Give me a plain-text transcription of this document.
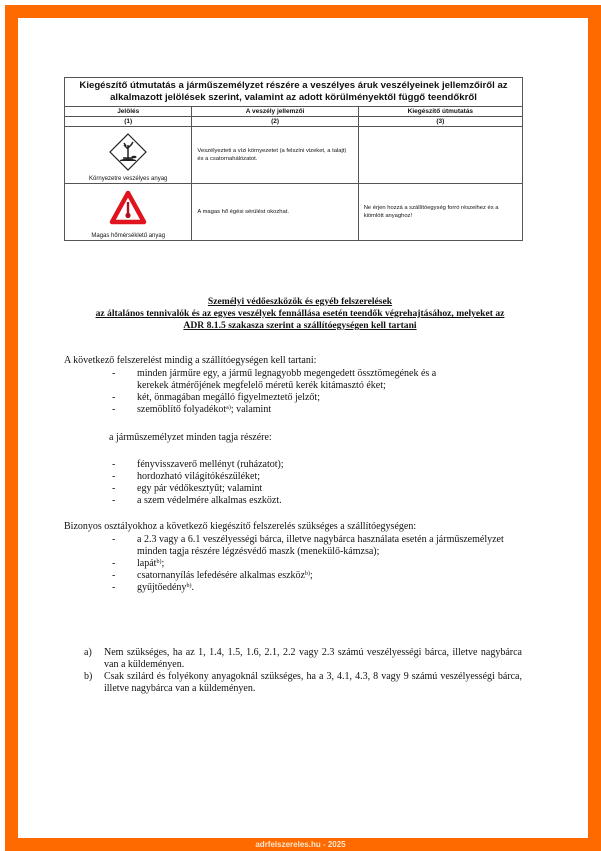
adrfelszereles.hu - 2025
Kiegészítő útmutatás a járműszemélyzet részére a veszélyes áruk veszélyeinek jellemzőiről az alkalmazott jelölések szerint, valamint az adott körülményektől függő teendőkről		
Jelölés	A veszély jellemzői	Kiegészítő útmutatás
(1)	(2)	(3)

Környezetre veszélyes anyag	Veszélyezteti a vízi környezetet (a felszíni vizeket, a talajt) és a csatornahálózatot.	

Magas hőmérsékletű anyag	A magas hő égési sérülést okozhat.	Ne érjen hozzá a szállítóegység forró részeihez és a kiömlött anyaghoz!
Személyi védőeszközök és egyéb felszerelések
az általános tennivalók és az egyes veszélyek fennállása esetén teendők végrehajtásához, melyeket az
ADR 8.1.5 szakasza szerint a szállítóegységen kell tartani
A következő felszerelést mindig a szállítóegységen kell tartani:
- minden járműre egy, a jármű legnagyobb megengedett össztömegének és a
kerekek átmérőjének megfelelő méretű kerék kitámasztó éket;
- két, önmagában megálló figyelmeztető jelzőt;
- szemöblítő folyadékot$^{a)}$; valamint
a járműszemélyzet minden tagja részére:
- fényvisszaverő mellényt (ruházatot);
- hordozható világítókészüléket;
- egy pár védőkesztyűt; valamint
- a szem védelmére alkalmas eszközt.
Bizonyos osztályokhoz a következő kiegészítő felszerelés szükséges a szállítóegységen:
- a 2.3 vagy a 6.1 veszélyességi bárca, illetve nagybárca használata esetén a járműszemélyzet
minden tagja részére légzésvédő maszk (menekülő-kámzsa);
- lapát$^{b)}$;
- csatornanyílás lefedésére alkalmas eszköz$^{b)}$;
- gyűjtőedény$^{b)}$.
a) Nem szükséges, ha az 1, 1.4, 1.5, 1.6, 2.1, 2.2 vagy 2.3 számú veszélyességi bárca, illetve nagybárca van a küldeményen.
b) Csak szilárd és folyékony anyagoknál szükséges, ha a 3, 4.1, 4.3, 8 vagy 9 számú veszélyességi bárca, illetve nagybárca van a küldeményen.
